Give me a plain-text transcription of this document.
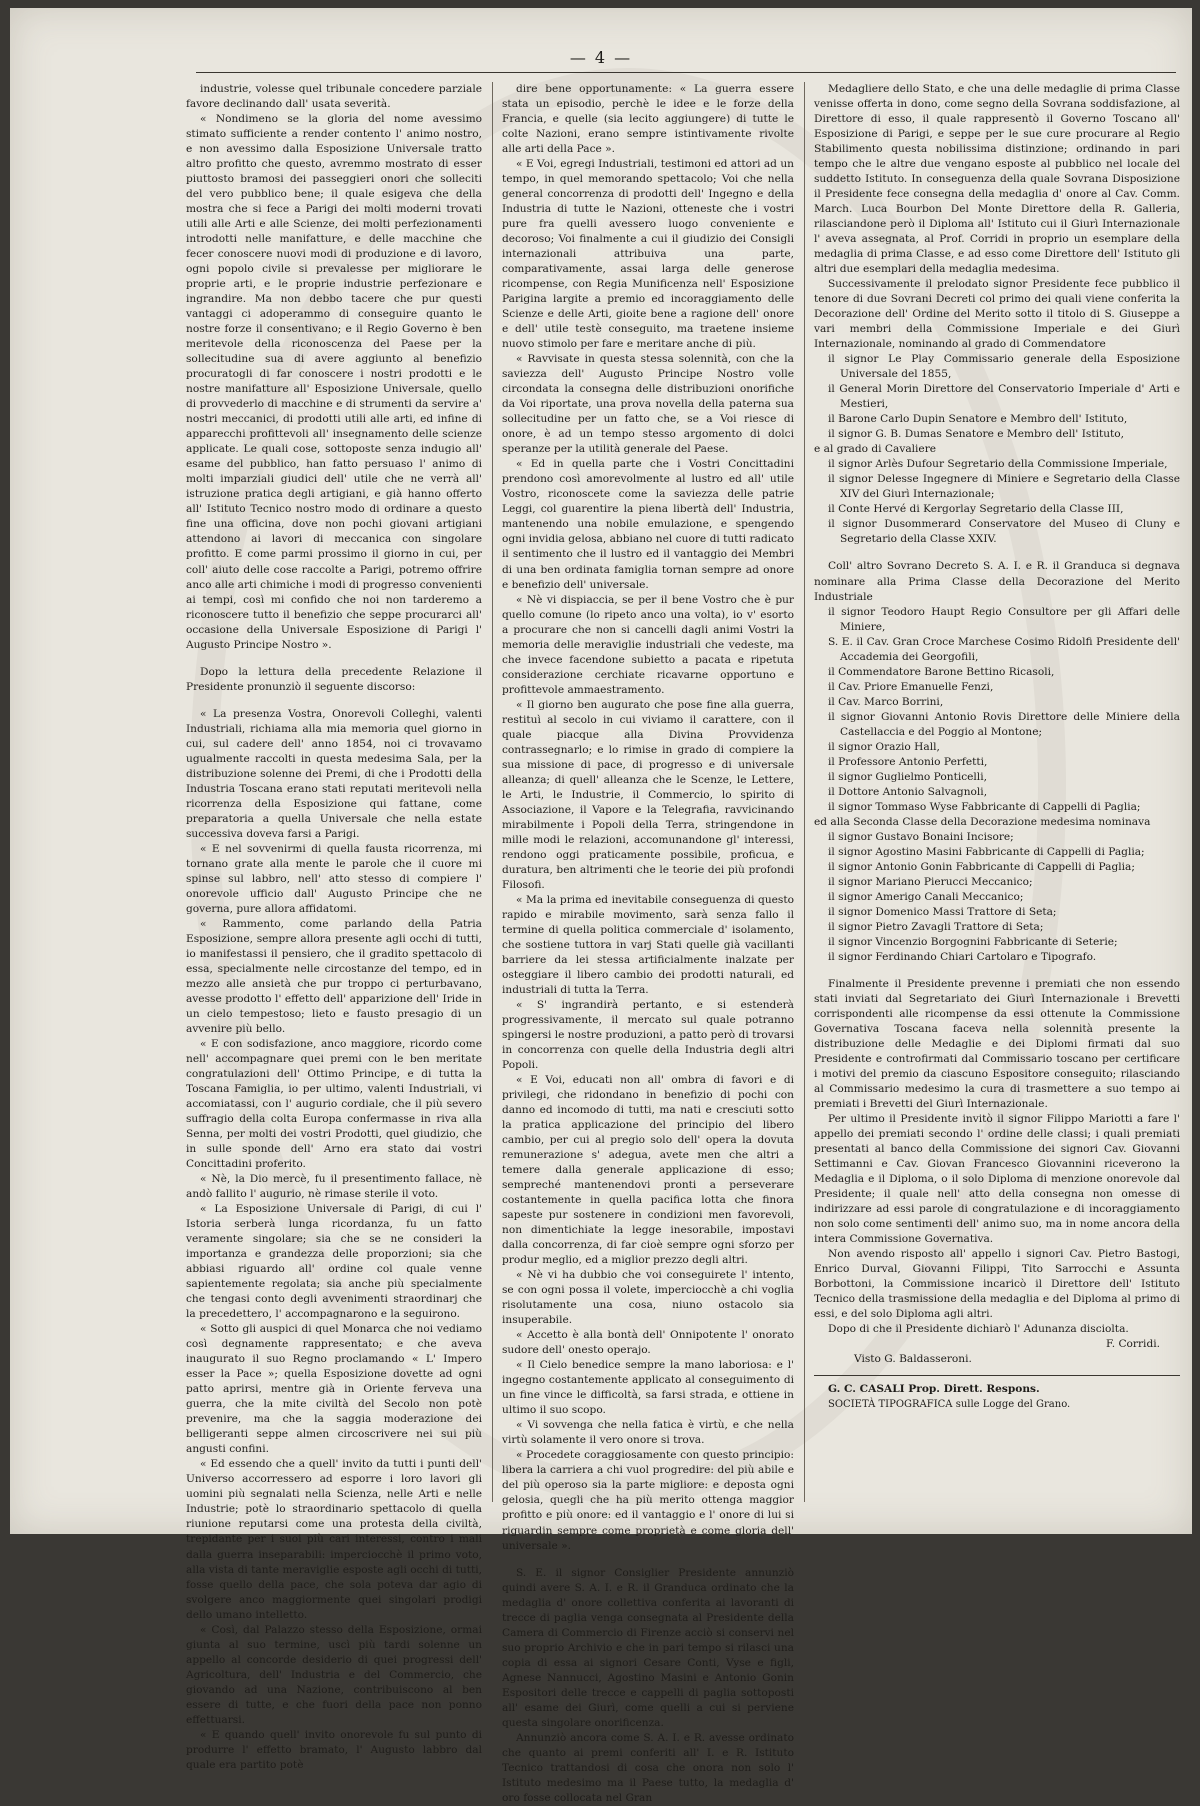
— 4 —

industrie, volesse quel tribunale concedere parziale favore declinando dall' usata severità.

« Nondimeno se la gloria del nome avessimo stimato sufficiente a render contento l' animo nostro, e non avessimo dalla Esposizione Universale tratto altro profitto che questo, avremmo mostrato di esser piuttosto bramosi dei passeggieri onori che solleciti del vero pubblico bene; il quale esigeva che della mostra che si fece a Parigi dei molti moderni trovati utili alle Arti e alle Scienze, dei molti perfezionamenti introdotti nelle manifatture, e delle macchine che fecer conoscere nuovi modi di produzione e di lavoro, ogni popolo civile si prevalesse per migliorare le proprie arti, e le proprie industrie perfezionare e ingrandire. Ma non debbo tacere che pur questi vantaggi ci adoperammo di conseguire quanto le nostre forze il consentivano; e il Regio Governo è ben meritevole della riconoscenza del Paese per la sollecitudine sua di avere aggiunto al benefizio procuratogli di far conoscere i nostri prodotti e le nostre manifatture all' Esposizione Universale, quello di provvederlo di macchine e di strumenti da servire a' nostri meccanici, di prodotti utili alle arti, ed infine di apparecchi profittevoli all' insegnamento delle scienze applicate. Le quali cose, sottoposte senza indugio all' esame del pubblico, han fatto persuaso l' animo di molti imparziali giudici dell' utile che ne verrà all' istruzione pratica degli artigiani, e già hanno offerto all' Istituto Tecnico nostro modo di ordinare a questo fine una officina, dove non pochi giovani artigiani attendono ai lavori di meccanica con singolare profitto. E come parmi prossimo il giorno in cui, per coll' aiuto delle cose raccolte a Parigi, potremo offrire anco alle arti chimiche i modi di progresso convenienti ai tempi, così mi confido che noi non tarderemo a riconoscere tutto il benefizio che seppe procurarci all' occasione della Universale Esposizione di Parigi l' Augusto Principe Nostro ».

Dopo la lettura della precedente Relazione il Presidente pronunziò il seguente discorso:

« La presenza Vostra, Onorevoli Colleghi, valenti Industriali, richiama alla mia memoria quel giorno in cui, sul cadere dell' anno 1854, noi ci trovavamo ugualmente raccolti in questa medesima Sala, per la distribuzione solenne dei Premi, di che i Prodotti della Industria Toscana erano stati reputati meritevoli nella ricorrenza della Esposizione qui fattane, come preparatoria a quella Universale che nella estate successiva doveva farsi a Parigi.

« E nel sovvenirmi di quella fausta ricorrenza, mi tornano grate alla mente le parole che il cuore mi spinse sul labbro, nell' atto stesso di compiere l' onorevole ufficio dall' Augusto Principe che ne governa, pure allora affidatomi.

« Rammento, come parlando della Patria Esposizione, sempre allora presente agli occhi di tutti, io manifestassi il pensiero, che il gradito spettacolo di essa, specialmente nelle circostanze del tempo, ed in mezzo alle ansietà che pur troppo ci perturbavano, avesse prodotto l' effetto dell' apparizione dell' Iride in un cielo tempestoso; lieto e fausto presagio di un avvenire più bello.

« E con sodisfazione, anco maggiore, ricordo come nell' accompagnare quei premi con le ben meritate congratulazioni dell' Ottimo Principe, e di tutta la Toscana Famiglia, io per ultimo, valenti Industriali, vi accomiatassi, con l' augurio cordiale, che il più severo suffragio della colta Europa confermasse in riva alla Senna, per molti dei vostri Prodotti, quel giudizio, che in sulle sponde dell' Arno era stato dai vostri Concittadini proferito.

« Nè, la Dio mercè, fu il presentimento fallace, nè andò fallito l' augurio, nè rimase sterile il voto.

« La Esposizione Universale di Parigi, di cui l' Istoria serberà lunga ricordanza, fu un fatto veramente singolare; sia che se ne consideri la importanza e grandezza delle proporzioni; sia che abbiasi riguardo all' ordine col quale venne sapientemente regolata; sia anche più specialmente che tengasi conto degli avvenimenti straordinarj che la precedettero, l' accompagnarono e la seguirono.

« Sotto gli auspici di quel Monarca che noi vediamo così degnamente rappresentato; e che aveva inaugurato il suo Regno proclamando « L' Impero esser la Pace »; quella Esposizione dovette ad ogni patto aprirsi, mentre già in Oriente ferveva una guerra, che la mite civiltà del Secolo non potè prevenire, ma che la saggia moderazione dei belligeranti seppe almen circoscrivere nei sui più angusti confini.

« Ed essendo che a quell' invito da tutti i punti dell' Universo accorressero ad esporre i loro lavori gli uomini più segnalati nella Scienza, nelle Arti e nelle Industrie; potè lo straordinario spettacolo di quella riunione reputarsi come una protesta della civiltà, trepidante per i suoi più cari interessi, contro i mali dalla guerra inseparabili: imperciocchè il primo voto, alla vista di tante meraviglie esposte agli occhi di tutti, fosse quello della pace, che sola poteva dar agio di svolgere anco maggiormente quei singolari prodigi dello umano intelletto.

« Così, dal Palazzo stesso della Esposizione, ormai giunta al suo termine, uscì più tardi solenne un appello al concorde desiderio di quei progressi dell' Agricoltura, dell' Industria e del Commercio, che giovando ad una Nazione, contribuiscono al ben essere di tutte, e che fuori della pace non ponno effettuarsi.

« E quando quell' invito onorevole fu sul punto di produrre l' effetto bramato, l' Augusto labbro dal quale era partito potè

dire bene opportunamente: « La guerra essere stata un episodio, perchè le idee e le forze della Francia, e quelle (sia lecito aggiungere) di tutte le colte Nazioni, erano sempre istintivamente rivolte alle arti della Pace ».

« E Voi, egregi Industriali, testimoni ed attori ad un tempo, in quel memorando spettacolo; Voi che nella general concorrenza di prodotti dell' Ingegno e della Industria di tutte le Nazioni, otteneste che i vostri pure fra quelli avessero luogo conveniente e decoroso; Voi finalmente a cui il giudizio dei Consigli internazionali attribuiva una parte, comparativamente, assai larga delle generose ricompense, con Regia Munificenza nell' Esposizione Parigina largite a premio ed incoraggiamento delle Scienze e delle Arti, gioite bene a ragione dell' onore e dell' utile testè conseguito, ma traetene insieme nuovo stimolo per fare e meritare anche di più.

« Ravvisate in questa stessa solennità, con che la saviezza dell' Augusto Principe Nostro volle circondata la consegna delle distribuzioni onorifiche da Voi riportate, una prova novella della paterna sua sollecitudine per un fatto che, se a Voi riesce di onore, è ad un tempo stesso argomento di dolci speranze per la utilità generale del Paese.

« Ed in quella parte che i Vostri Concittadini prendono così amorevolmente al lustro ed all' utile Vostro, riconoscete come la saviezza delle patrie Leggi, col guarentire la piena libertà dell' Industria, mantenendo una nobile emulazione, e spengendo ogni invidia gelosa, abbiano nel cuore di tutti radicato il sentimento che il lustro ed il vantaggio dei Membri di una ben ordinata famiglia tornan sempre ad onore e benefizio dell' universale.

« Nè vi dispiaccia, se per il bene Vostro che è pur quello comune (lo ripeto anco una volta), io v' esorto a procurare che non si cancelli dagli animi Vostri la memoria delle meraviglie industriali che vedeste, ma che invece facendone subietto a pacata e ripetuta considerazione cerchiate ricavarne opportuno e profittevole ammaestramento.

« Il giorno ben augurato che pose fine alla guerra, restituì al secolo in cui viviamo il carattere, con il quale piacque alla Divina Provvidenza contrassegnarlo; e lo rimise in grado di compiere la sua missione di pace, di progresso e di universale alleanza; di quell' alleanza che le Scenze, le Lettere, le Arti, le Industrie, il Commercio, lo spirito di Associazione, il Vapore e la Telegrafia, ravvicinando mirabilmente i Popoli della Terra, stringendone in mille modi le relazioni, accomunandone gl' interessi, rendono oggi praticamente possibile, proficua, e duratura, ben altrimenti che le teorie dei più profondi Filosofi.

« Ma la prima ed inevitabile conseguenza di questo rapido e mirabile movimento, sarà senza fallo il termine di quella politica commerciale d' isolamento, che sostiene tuttora in varj Stati quelle già vacillanti barriere da lei stessa artificialmente inalzate per osteggiare il libero cambio dei prodotti naturali, ed industriali di tutta la Terra.

« S' ingrandirà pertanto, e si estenderà progressivamente, il mercato sul quale potranno spingersi le nostre produzioni, a patto però di trovarsi in concorrenza con quelle della Industria degli altri Popoli.

« E Voi, educati non all' ombra di favori e di privilegi, che ridondano in benefizio di pochi con danno ed incomodo di tutti, ma nati e cresciuti sotto la pratica applicazione del principio del libero cambio, per cui al pregio solo dell' opera la dovuta remunerazione s' adegua, avete men che altri a temere dalla generale applicazione di esso; sempreché mantenendovi pronti a perseverare costantemente in quella pacifica lotta che finora sapeste pur sostenere in condizioni men favorevoli, non dimentichiate la legge inesorabile, impostavi dalla concorrenza, di far cioè sempre ogni sforzo per produr meglio, ed a miglior prezzo degli altri.

« Nè vi ha dubbio che voi conseguirete l' intento, se con ogni possa il volete, imperciocchè a chi voglia risolutamente una cosa, niuno ostacolo sia insuperabile.

« Accetto è alla bontà dell' Onnipotente l' onorato sudore dell' onesto operajo.

« Il Cielo benedice sempre la mano laboriosa: e l' ingegno costantemente applicato al conseguimento di un fine vince le difficoltà, sa farsi strada, e ottiene in ultimo il suo scopo.

« Vi sovvenga che nella fatica è virtù, e che nella virtù solamente il vero onore si trova.

« Procedete coraggiosamente con questo principio: libera la carriera a chi vuol progredire: del più abile e del più operoso sia la parte migliore: e deposta ogni gelosia, quegli che ha più merito ottenga maggior profitto e più onore: ed il vantaggio e l' onore di lui si riguardin sempre come proprietà e come gloria dell' universale ».

S. E. il signor Consiglier Presidente annunziò quindi avere S. A. I. e R. il Granduca ordinato che la medaglia d' onore collettiva conferita ai lavoranti di trecce di paglia venga consegnata al Presidente della Camera di Commercio di Firenze acciò si conservi nel suo proprio Archivio e che in pari tempo si rilasci una copia di essa ai signori Cesare Conti, Vyse e figli, Agnese Nannucci, Agostino Masini e Antonio Gonin Espositori delle trecce e cappelli di paglia sottoposti all' esame dei Giurì, come quelli a cui si perviene questa singolare onorificenza.

Annunziò ancora come S. A. I. e R. avesse ordinato che quanto ai premi conferiti all' I. e R. Istituto Tecnico trattandosi di cosa che onora non solo l' Istituto medesimo ma il Paese tutto, la medaglia d' oro fosse collocata nel Gran

Medagliere dello Stato, e che una delle medaglie di prima Classe venisse offerta in dono, come segno della Sovrana soddisfazione, al Direttore di esso, il quale rappresentò il Governo Toscano all' Esposizione di Parigi, e seppe per le sue cure procurare al Regio Stabilimento questa nobilissima distinzione; ordinando in pari tempo che le altre due vengano esposte al pubblico nel locale del suddetto Istituto. In conseguenza della quale Sovrana Disposizione il Presidente fece consegna della medaglia d' onore al Cav. Comm. March. Luca Bourbon Del Monte Direttore della R. Galleria, rilasciandone però il Diploma all' Istituto cui il Giurì Internazionale l' aveva assegnata, al Prof. Corridi in proprio un esemplare della medaglia di prima Classe, e ad esso come Direttore dell' Istituto gli altri due esemplari della medaglia medesima.

Successivamente il prelodato signor Presidente fece pubblico il tenore di due Sovrani Decreti col primo dei quali viene conferita la Decorazione dell' Ordine del Merito sotto il titolo di S. Giuseppe a vari membri della Commissione Imperiale e dei Giurì Internazionale, nominando al grado di Commendatore

il signor Le Play Commissario generale della Esposizione Universale del 1855,

il General Morin Direttore del Conservatorio Imperiale d' Arti e Mestieri,

il Barone Carlo Dupin Senatore e Membro dell' Istituto,

il signor G. B. Dumas Senatore e Membro dell' Istituto,

e al grado di Cavaliere

il signor Arlès Dufour Segretario della Commissione Imperiale,

il signor Delesse Ingegnere di Miniere e Segretario della Classe XIV del Giurì Internazionale;

il Conte Hervé di Kergorlay Segretario della Classe III,

il signor Dusommerard Conservatore del Museo di Cluny e Segretario della Classe XXIV.

Coll' altro Sovrano Decreto S. A. I. e R. il Granduca si degnava nominare alla Prima Classe della Decorazione del Merito Industriale

il signor Teodoro Haupt Regio Consultore per gli Affari delle Miniere,

S. E. il Cav. Gran Croce Marchese Cosimo Ridolfi Presidente dell' Accademia dei Georgofili,

il Commendatore Barone Bettino Ricasoli,

il Cav. Priore Emanuelle Fenzi,

il Cav. Marco Borrini,

il signor Giovanni Antonio Rovis Direttore delle Miniere della Castellaccia e del Poggio al Montone;

il signor Orazio Hall,

il Professore Antonio Perfetti,

il signor Guglielmo Ponticelli,

il Dottore Antonio Salvagnoli,

il signor Tommaso Wyse Fabbricante di Cappelli di Paglia;

ed alla Seconda Classe della Decorazione medesima nominava

il signor Gustavo Bonaini Incisore;

il signor Agostino Masini Fabbricante di Cappelli di Paglia;

il signor Antonio Gonin Fabbricante di Cappelli di Paglia;

il signor Mariano Pierucci Meccanico;

il signor Amerigo Canali Meccanico;

il signor Domenico Massi Trattore di Seta;

il signor Pietro Zavagli Trattore di Seta;

il signor Vincenzio Borgognini Fabbricante di Seterie;

il signor Ferdinando Chiari Cartolaro e Tipografo.

Finalmente il Presidente prevenne i premiati che non essendo stati inviati dal Segretariato dei Giurì Internazionale i Brevetti corrispondenti alle ricompense da essi ottenute la Commissione Governativa Toscana faceva nella solennità presente la distribuzione delle Medaglie e dei Diplomi firmati dal suo Presidente e controfirmati dal Commissario toscano per certificare i motivi del premio da ciascuno Espositore conseguito; rilasciando al Commissario medesimo la cura di trasmettere a suo tempo ai premiati i Brevetti del Giurì Internazionale.

Per ultimo il Presidente invitò il signor Filippo Mariotti a fare l' appello dei premiati secondo l' ordine delle classi; i quali premiati presentati al banco della Commissione dei signori Cav. Giovanni Settimanni e Cav. Giovan Francesco Giovannini riceverono la Medaglia e il Diploma, o il solo Diploma di menzione onorevole dal Presidente; il quale nell' atto della consegna non omesse di indirizzare ad essi parole di congratulazione e di incoraggiamento non solo come sentimenti dell' animo suo, ma in nome ancora della intera Commissione Governativa.

Non avendo risposto all' appello i signori Cav. Pietro Bastogi, Enrico Durval, Giovanni Filippi, Tito Sarrocchi e Assunta Borbottoni, la Commissione incaricò il Direttore dell' Istituto Tecnico della trasmissione della medaglia e del Diploma al primo di essi, e del solo Diploma agli altri.

Dopo di che il Presidente dichiarò l' Adunanza disciolta.

F. Corridi.

Visto G. Baldasseroni.

G. C. CASALI Prop. Dirett. Respons.

SOCIETÀ TIPOGRAFICA sulle Logge del Grano.
